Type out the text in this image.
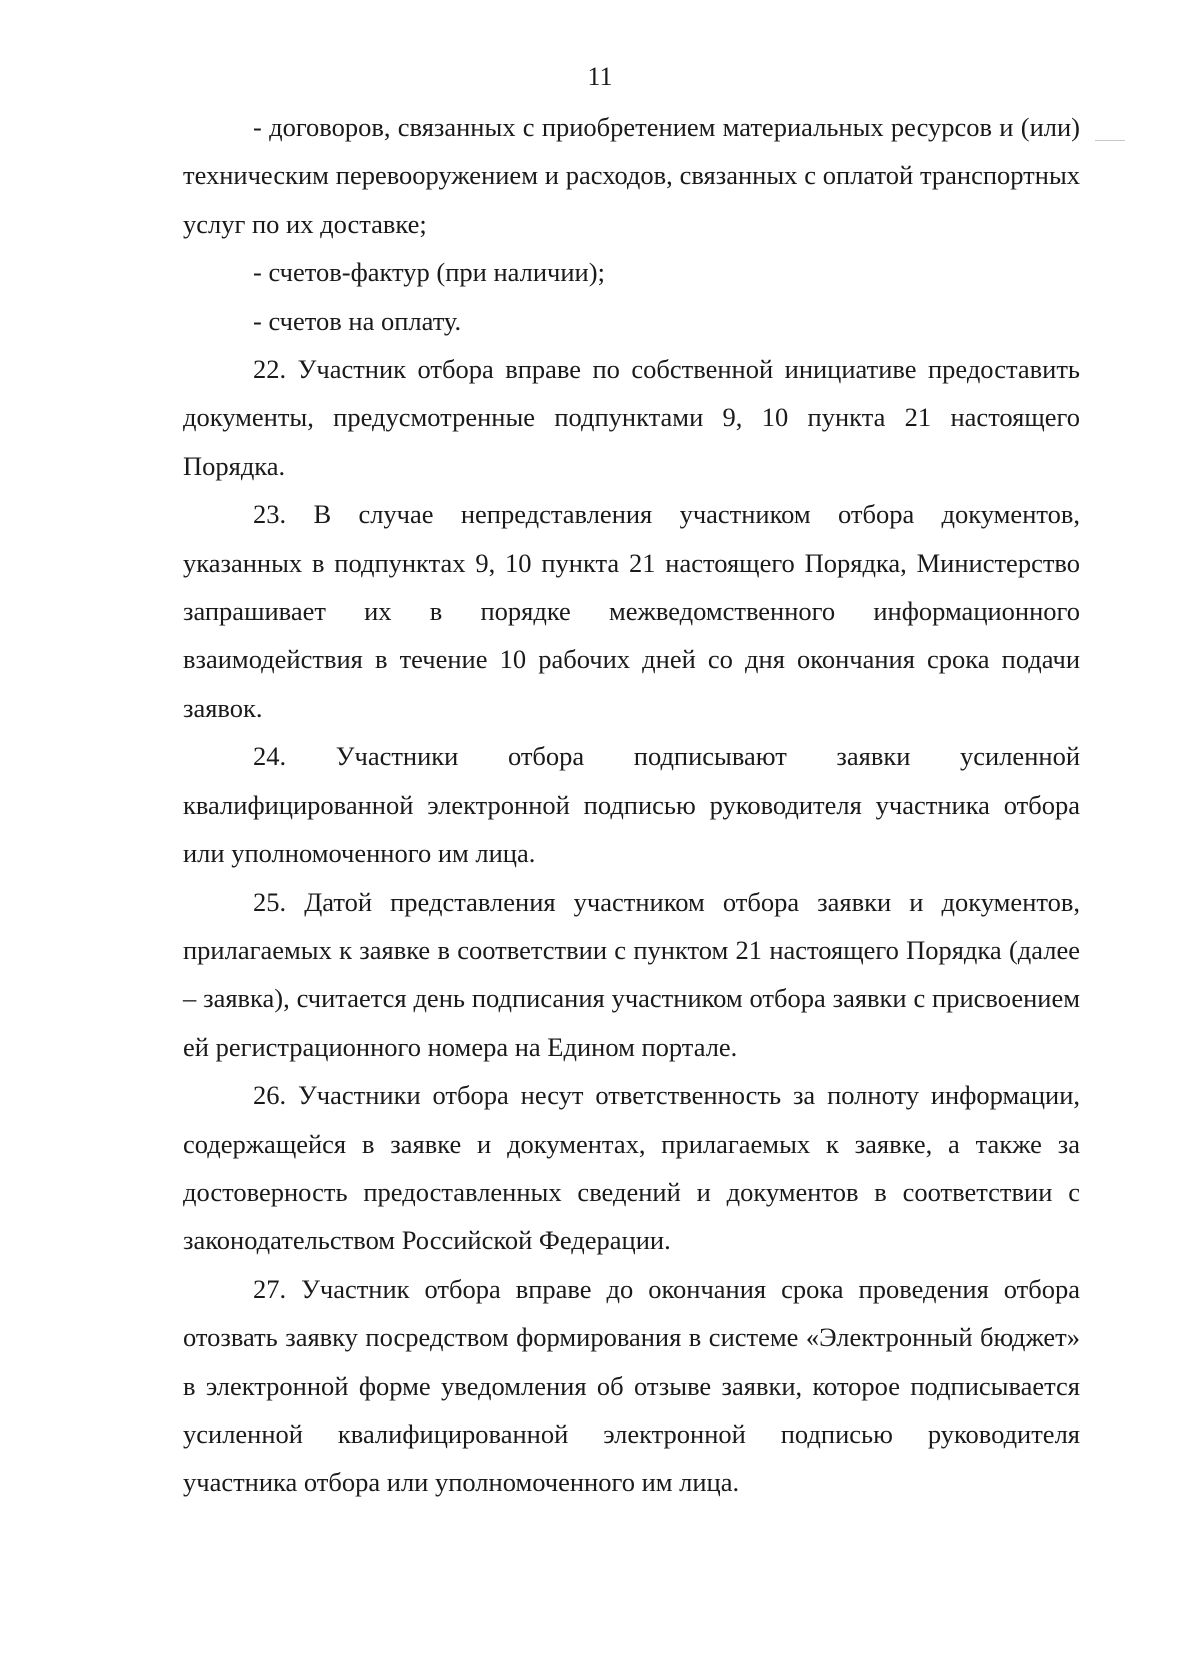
11

- договоров, связанных с приобретением материальных ресурсов и (или) техническим перевооружением и расходов, связанных с оплатой транспортных услуг по их доставке;

- счетов-фактур (при наличии);

- счетов на оплату.

22. Участник отбора вправе по собственной инициативе предоставить документы, предусмотренные подпунктами 9, 10 пункта 21 настоящего Порядка.

23. В случае непредставления участником отбора документов, указанных в подпунктах 9, 10 пункта 21 настоящего Порядка, Министерство запрашивает их в порядке межведомственного информационного взаимодействия в течение 10 рабочих дней со дня окончания срока подачи заявок.

24. Участники отбора подписывают заявки усиленной квалифицированной электронной подписью руководителя участника отбора или уполномоченного им лица.

25. Датой представления участником отбора заявки и документов, прилагаемых к заявке в соответствии с пунктом 21 настоящего Порядка (далее – заявка), считается день подписания участником отбора заявки с присвоением ей регистрационного номера на Едином портале.

26. Участники отбора несут ответственность за полноту информации, содержащейся в заявке и документах, прилагаемых к заявке, а также за достоверность предоставленных сведений и документов в соответствии с законодательством Российской Федерации.

27. Участник отбора вправе до окончания срока проведения отбора отозвать заявку посредством формирования в системе «Электронный бюджет» в электронной форме уведомления об отзыве заявки, которое подписывается усиленной квалифицированной электронной подписью руководителя участника отбора или уполномоченного им лица.
